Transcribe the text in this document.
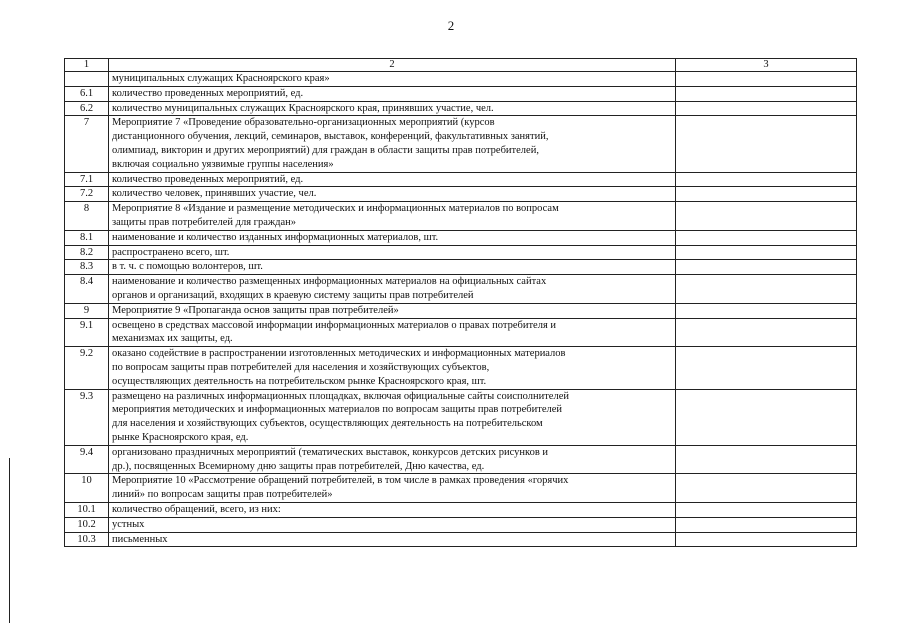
2
1	2	3
	муниципальных служащих Красноярского края»	
6.1	количество проведенных мероприятий, ед.	
6.2	количество муниципальных служащих Красноярского края, принявших участие, чел.	
7	Мероприятие 7 «Проведение образовательно-организационных мероприятий (курсов
дистанционного обучения, лекций, семинаров, выставок, конференций, факультативных занятий,
олимпиад, викторин и других мероприятий) для граждан в области защиты прав потребителей,
включая социально уязвимые группы населения»	
7.1	количество проведенных мероприятий, ед.	
7.2	количество человек, принявших участие, чел.	
8	Мероприятие 8 «Издание и размещение методических и информационных материалов по вопросам
защиты прав потребителей для граждан»	
8.1	наименование и количество изданных информационных материалов, шт.	
8.2	распространено всего, шт.	
8.3	в т. ч. с помощью волонтеров, шт.	
8.4	наименование и количество размещенных информационных материалов на официальных сайтах
органов и организаций, входящих в краевую систему защиты прав потребителей	
9	Мероприятие 9 «Пропаганда основ защиты прав потребителей»	
9.1	освещено в средствах массовой информации информационных материалов о правах потребителя и
механизмах их защиты, ед.	
9.2	оказано содействие в распространении изготовленных методических и информационных материалов
по вопросам защиты прав потребителей для населения и хозяйствующих субъектов,
осуществляющих деятельность на потребительском рынке Красноярского края, шт.	
9.3	размещено на различных информационных площадках, включая официальные сайты соисполнителей
мероприятия методических и информационных материалов по вопросам защиты прав потребителей
для населения и хозяйствующих субъектов, осуществляющих деятельность на потребительском
рынке Красноярского края, ед.	
9.4	организовано праздничных мероприятий (тематических выставок, конкурсов детских рисунков и
др.), посвященных Всемирному дню защиты прав потребителей, Дню качества, ед.	
10	Мероприятие 10 «Рассмотрение обращений потребителей, в том числе в рамках проведения «горячих
линий» по вопросам защиты прав потребителей»	
10.1	количество обращений, всего, из них:	
10.2	устных	
10.3	письменных	
